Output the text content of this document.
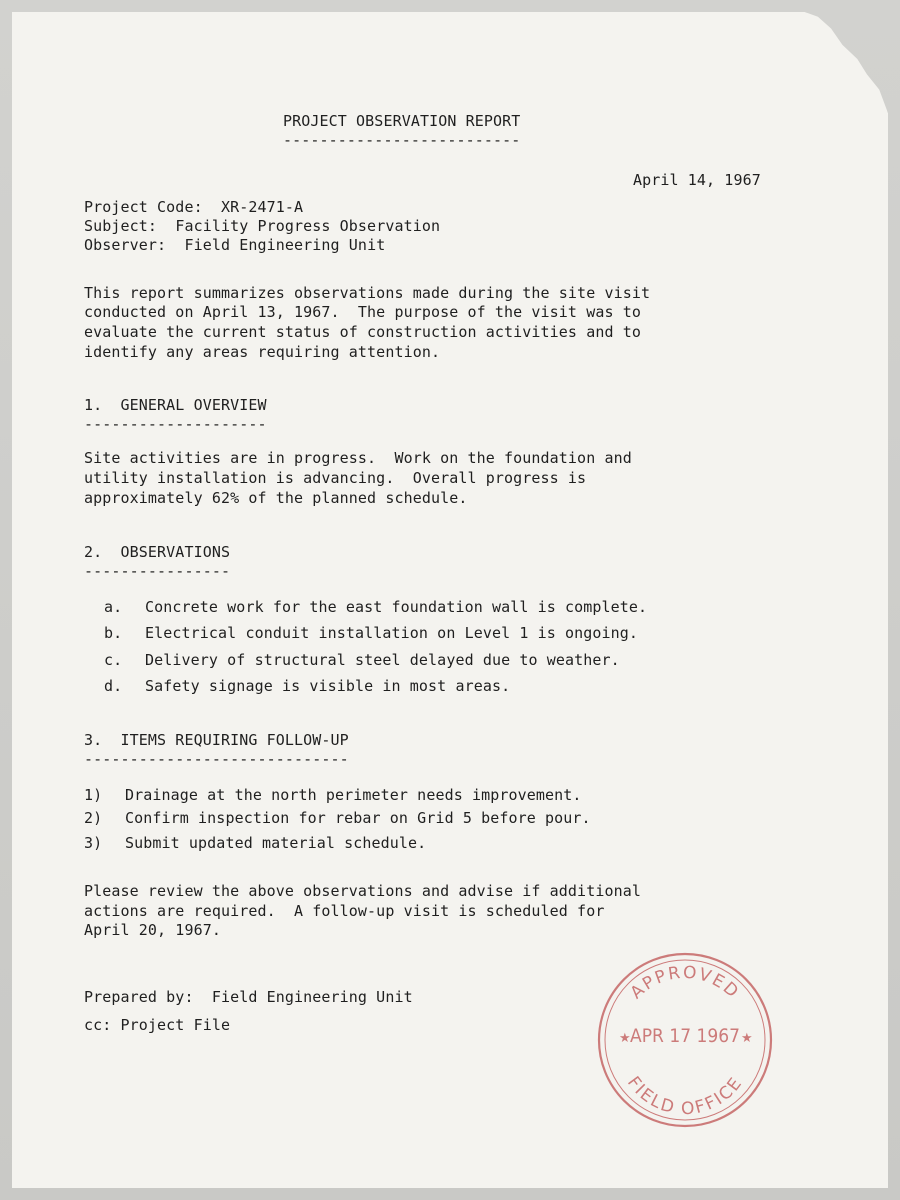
PROJECT OBSERVATION REPORT
--------------------------
April 14, 1967
Project Code: XR-2471-A
Subject: Facility Progress Observation
Observer: Field Engineering Unit
This report summarizes observations made during the site visit
conducted on April 13, 1967.  The purpose of the visit was to
evaluate the current status of construction activities and to
identify any areas requiring attention.
1.  GENERAL OVERVIEW
--------------------
Site activities are in progress.  Work on the foundation and
utility installation is advancing.  Overall progress is
approximately 62% of the planned schedule.
2.  OBSERVATIONS
----------------
a. Concrete work for the east foundation wall is complete.
b. Electrical conduit installation on Level 1 is ongoing.
c. Delivery of structural steel delayed due to weather.
d. Safety signage is visible in most areas.
3.  ITEMS REQUIRING FOLLOW-UP
-----------------------------
1) Drainage at the north perimeter needs improvement.
2) Confirm inspection for rebar on Grid 5 before pour.
3) Submit updated material schedule.
Please review the above observations and advise if additional
actions are required.  A follow-up visit is scheduled for
April 20, 1967.
Prepared by:  Field Engineering Unit
cc: Project File
APPROVED
★ APR 17 1967 ★
FIELD OFFICE
